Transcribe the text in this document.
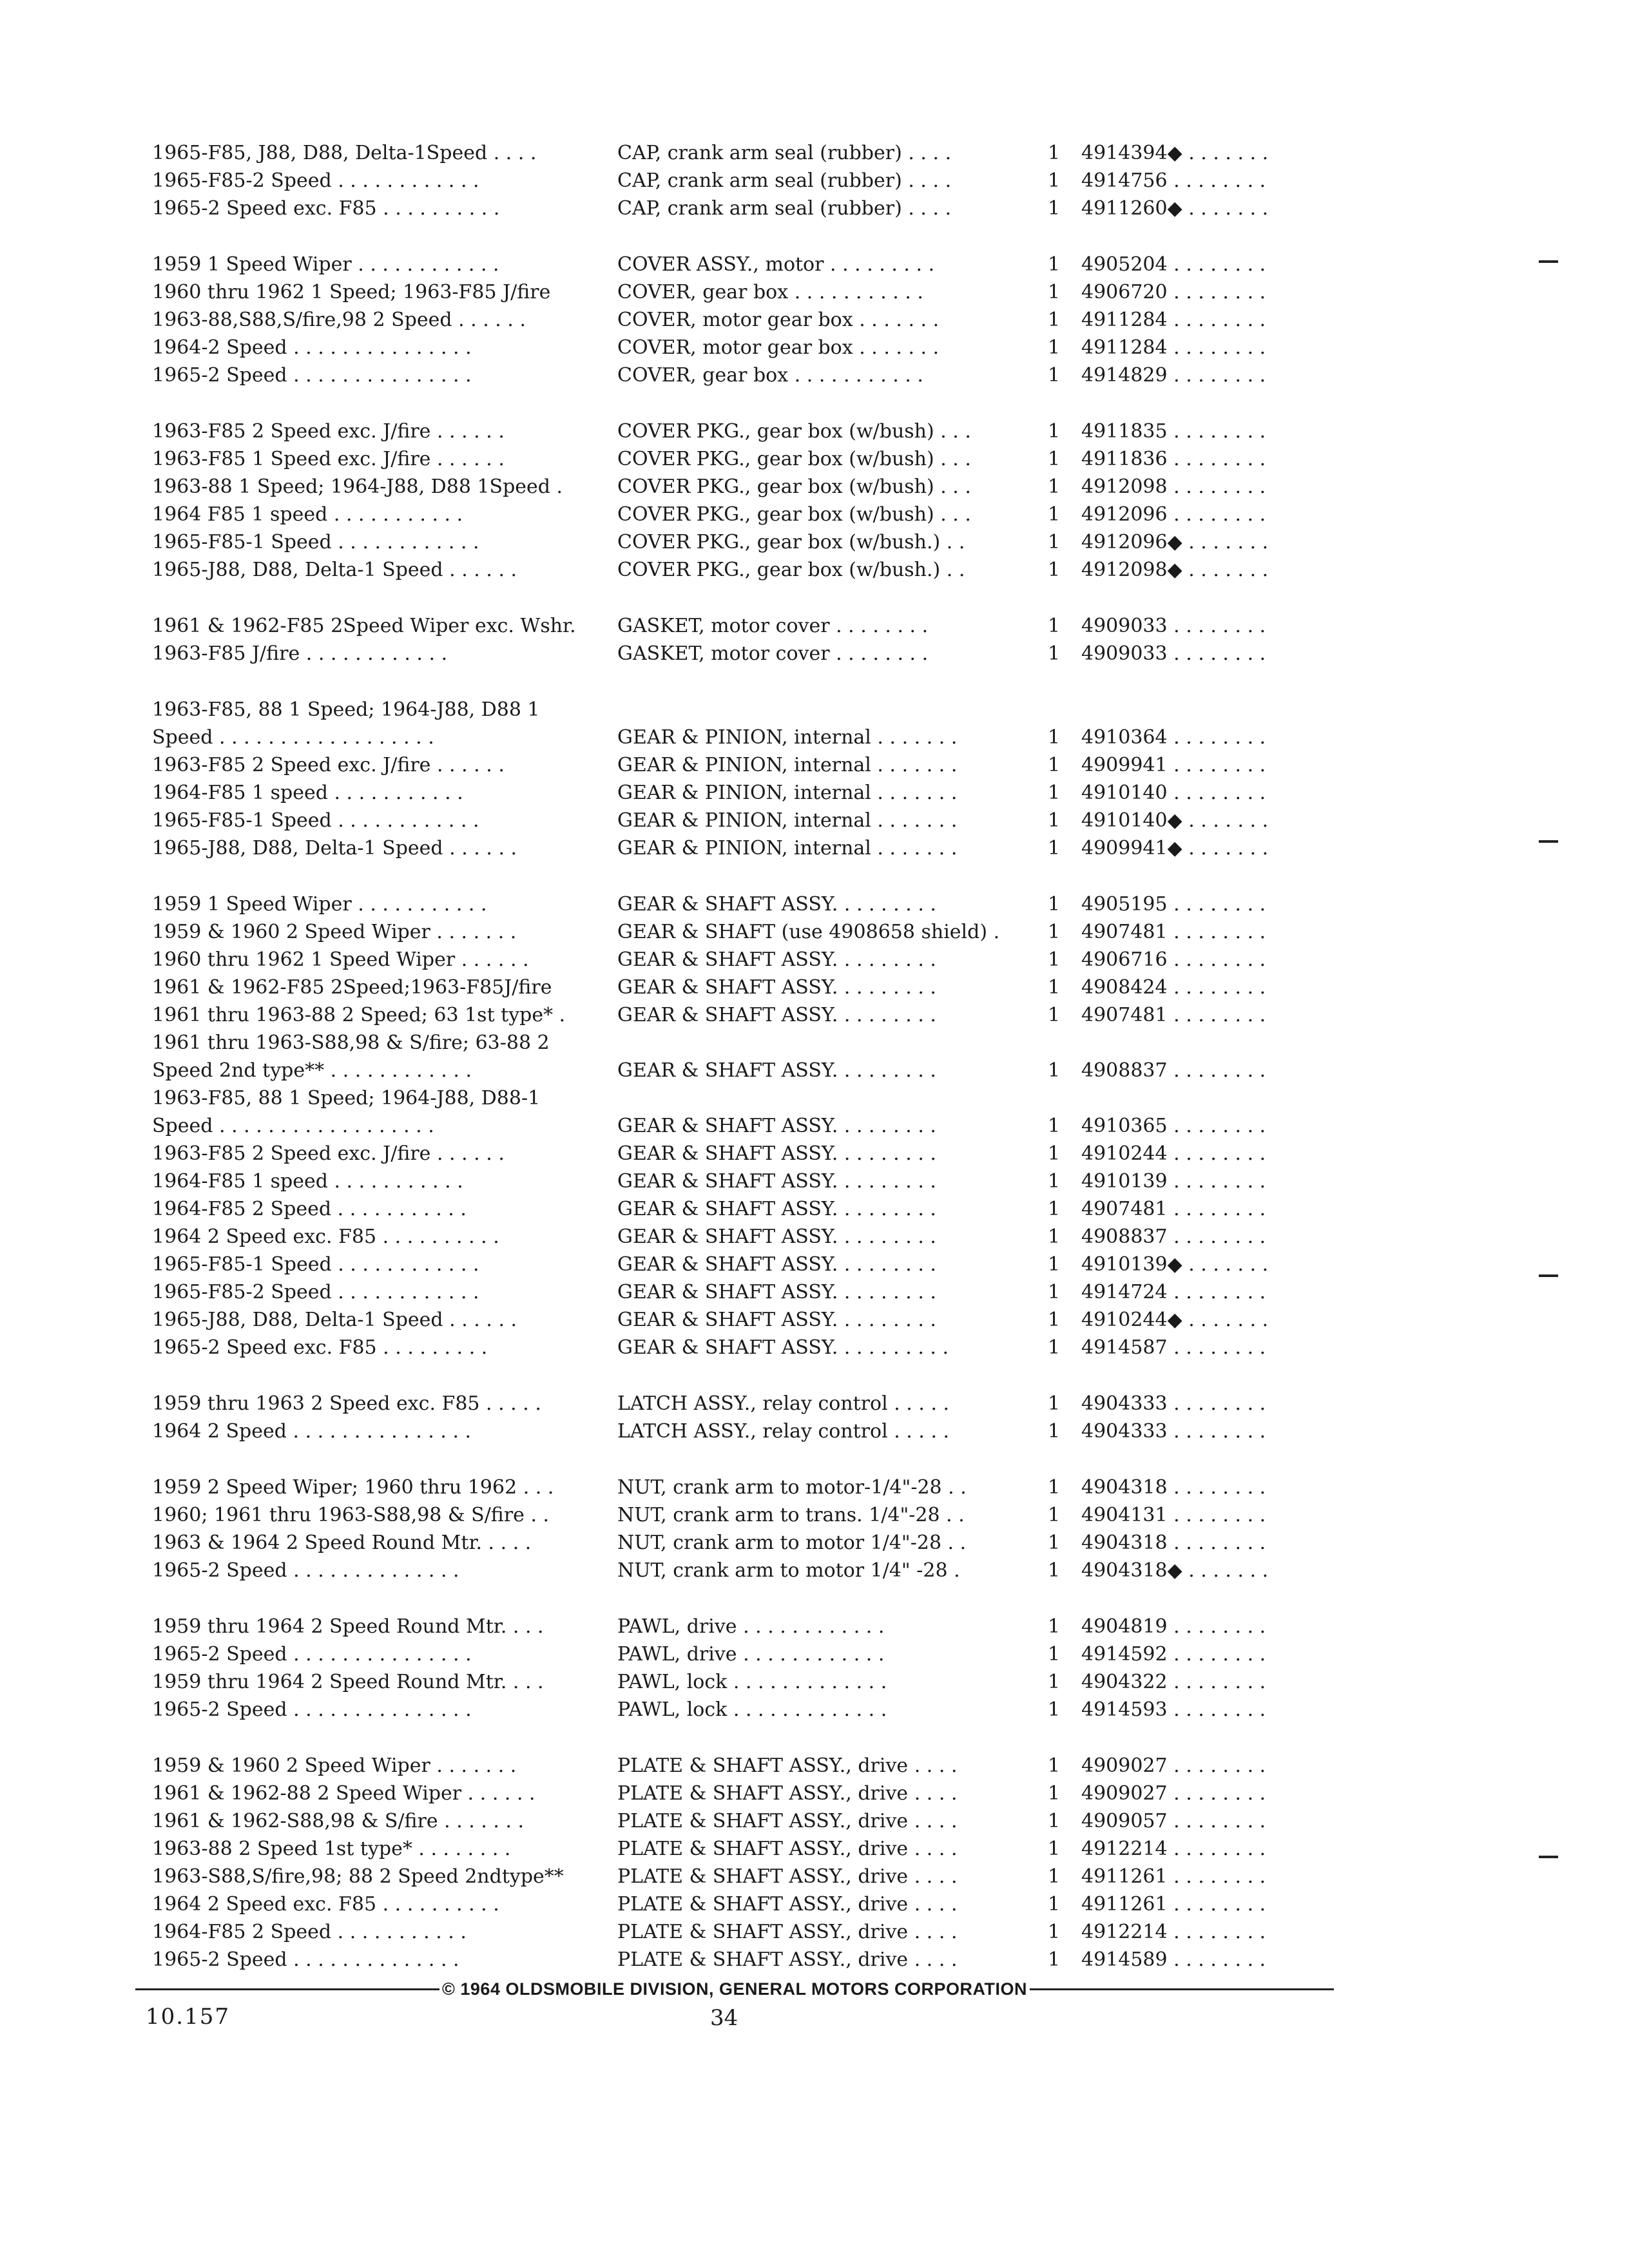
1965-F85, J88, D88, Delta-1Speed . . . .	CAP, crank arm seal (rubber) . . . .	1	4914394◆ . . . . . . .
1965-F85-2 Speed . . . . . . . . . . . .	CAP, crank arm seal (rubber) . . . .	1	4914756 . . . . . . . .
1965-2 Speed exc. F85 . . . . . . . . . .	CAP, crank arm seal (rubber) . . . .	1	4911260◆ . . . . . . .
1959 1 Speed Wiper . . . . . . . . . . . .	COVER ASSY., motor . . . . . . . . .	1	4905204 . . . . . . . .
1960 thru 1962 1 Speed; 1963-F85 J/fire	COVER, gear box . . . . . . . . . . .	1	4906720 . . . . . . . .
1963-88,S88,S/fire,98 2 Speed . . . . . .	COVER, motor gear box . . . . . . .	1	4911284 . . . . . . . .
1964-2 Speed . . . . . . . . . . . . . . .	COVER, motor gear box . . . . . . .	1	4911284 . . . . . . . .
1965-2 Speed . . . . . . . . . . . . . . .	COVER, gear box . . . . . . . . . . .	1	4914829 . . . . . . . .
1963-F85 2 Speed exc. J/fire . . . . . .	COVER PKG., gear box (w/bush) . . .	1	4911835 . . . . . . . .
1963-F85 1 Speed exc. J/fire . . . . . .	COVER PKG., gear box (w/bush) . . .	1	4911836 . . . . . . . .
1963-88 1 Speed; 1964-J88, D88 1Speed .	COVER PKG., gear box (w/bush) . . .	1	4912098 . . . . . . . .
1964 F85 1 speed . . . . . . . . . . .	COVER PKG., gear box (w/bush) . . .	1	4912096 . . . . . . . .
1965-F85-1 Speed . . . . . . . . . . . .	COVER PKG., gear box (w/bush.) . .	1	4912096◆ . . . . . . .
1965-J88, D88, Delta-1 Speed . . . . . .	COVER PKG., gear box (w/bush.) . .	1	4912098◆ . . . . . . .
1961 & 1962-F85 2Speed Wiper exc. Wshr.	GASKET, motor cover . . . . . . . .	1	4909033 . . . . . . . .
1963-F85 J/fire . . . . . . . . . . . .	GASKET, motor cover . . . . . . . .	1	4909033 . . . . . . . .
1963-F85, 88 1 Speed; 1964-J88, D88 1
Speed . . . . . . . . . . . . . . . . . .	GEAR & PINION, internal . . . . . . .	1	4910364 . . . . . . . .
1963-F85 2 Speed exc. J/fire . . . . . .	GEAR & PINION, internal . . . . . . .	1	4909941 . . . . . . . .
1964-F85 1 speed . . . . . . . . . . .	GEAR & PINION, internal . . . . . . .	1	4910140 . . . . . . . .
1965-F85-1 Speed . . . . . . . . . . . .	GEAR & PINION, internal . . . . . . .	1	4910140◆ . . . . . . .
1965-J88, D88, Delta-1 Speed . . . . . .	GEAR & PINION, internal . . . . . . .	1	4909941◆ . . . . . . .
1959 1 Speed Wiper . . . . . . . . . . .	GEAR & SHAFT ASSY. . . . . . . . .	1	4905195 . . . . . . . .
1959 & 1960 2 Speed Wiper . . . . . . .	GEAR & SHAFT (use 4908658 shield) .	1	4907481 . . . . . . . .
1960 thru 1962 1 Speed Wiper . . . . . .	GEAR & SHAFT ASSY. . . . . . . . .	1	4906716 . . . . . . . .
1961 & 1962-F85 2Speed;1963-F85J/fire	GEAR & SHAFT ASSY. . . . . . . . .	1	4908424 . . . . . . . .
1961 thru 1963-88 2 Speed; 63 1st type* .	GEAR & SHAFT ASSY. . . . . . . . .	1	4907481 . . . . . . . .
1961 thru 1963-S88,98 & S/fire; 63-88 2
Speed 2nd type** . . . . . . . . . . . .	GEAR & SHAFT ASSY. . . . . . . . .	1	4908837 . . . . . . . .
1963-F85, 88 1 Speed; 1964-J88, D88-1
Speed . . . . . . . . . . . . . . . . . .	GEAR & SHAFT ASSY. . . . . . . . .	1	4910365 . . . . . . . .
1963-F85 2 Speed exc. J/fire . . . . . .	GEAR & SHAFT ASSY. . . . . . . . .	1	4910244 . . . . . . . .
1964-F85 1 speed . . . . . . . . . . .	GEAR & SHAFT ASSY. . . . . . . . .	1	4910139 . . . . . . . .
1964-F85 2 Speed . . . . . . . . . . .	GEAR & SHAFT ASSY. . . . . . . . .	1	4907481 . . . . . . . .
1964 2 Speed exc. F85 . . . . . . . . . .	GEAR & SHAFT ASSY. . . . . . . . .	1	4908837 . . . . . . . .
1965-F85-1 Speed . . . . . . . . . . . .	GEAR & SHAFT ASSY. . . . . . . . .	1	4910139◆ . . . . . . .
1965-F85-2 Speed . . . . . . . . . . . .	GEAR & SHAFT ASSY. . . . . . . . .	1	4914724 . . . . . . . .
1965-J88, D88, Delta-1 Speed . . . . . .	GEAR & SHAFT ASSY. . . . . . . . .	1	4910244◆ . . . . . . .
1965-2 Speed exc. F85 . . . . . . . . .	GEAR & SHAFT ASSY. . . . . . . . . .	1	4914587 . . . . . . . .
1959 thru 1963 2 Speed exc. F85 . . . . .	LATCH ASSY., relay control . . . . .	1	4904333 . . . . . . . .
1964 2 Speed . . . . . . . . . . . . . . .	LATCH ASSY., relay control . . . . .	1	4904333 . . . . . . . .
1959 2 Speed Wiper; 1960 thru 1962 . . .	NUT, crank arm to motor-1/4"-28 . .	1	4904318 . . . . . . . .
1960; 1961 thru 1963-S88,98 & S/fire . .	NUT, crank arm to trans. 1/4"-28 . .	1	4904131 . . . . . . . .
1963 & 1964 2 Speed Round Mtr. . . . .	NUT, crank arm to motor 1/4"-28 . .	1	4904318 . . . . . . . .
1965-2 Speed . . . . . . . . . . . . . .	NUT, crank arm to motor 1/4" -28 .	1	4904318◆ . . . . . . .
1959 thru 1964 2 Speed Round Mtr. . . .	PAWL, drive . . . . . . . . . . . .	1	4904819 . . . . . . . .
1965-2 Speed . . . . . . . . . . . . . . .	PAWL, drive . . . . . . . . . . . .	1	4914592 . . . . . . . .
1959 thru 1964 2 Speed Round Mtr. . . .	PAWL, lock . . . . . . . . . . . . .	1	4904322 . . . . . . . .
1965-2 Speed . . . . . . . . . . . . . . .	PAWL, lock . . . . . . . . . . . . .	1	4914593 . . . . . . . .
1959 & 1960 2 Speed Wiper . . . . . . .	PLATE & SHAFT ASSY., drive . . . .	1	4909027 . . . . . . . .
1961 & 1962-88 2 Speed Wiper . . . . . .	PLATE & SHAFT ASSY., drive . . . .	1	4909027 . . . . . . . .
1961 & 1962-S88,98 & S/fire . . . . . . .	PLATE & SHAFT ASSY., drive . . . .	1	4909057 . . . . . . . .
1963-88 2 Speed 1st type* . . . . . . . .	PLATE & SHAFT ASSY., drive . . . .	1	4912214 . . . . . . . .
1963-S88,S/fire,98; 88 2 Speed 2ndtype**	PLATE & SHAFT ASSY., drive . . . .	1	4911261 . . . . . . . .
1964 2 Speed exc. F85 . . . . . . . . . .	PLATE & SHAFT ASSY., drive . . . .	1	4911261 . . . . . . . .
1964-F85 2 Speed . . . . . . . . . . .	PLATE & SHAFT ASSY., drive . . . .	1	4912214 . . . . . . . .
1965-2 Speed . . . . . . . . . . . . . .	PLATE & SHAFT ASSY., drive . . . .	1	4914589 . . . . . . . .
© 1964 OLDSMOBILE DIVISION, GENERAL MOTORS CORPORATION
10.157	34
